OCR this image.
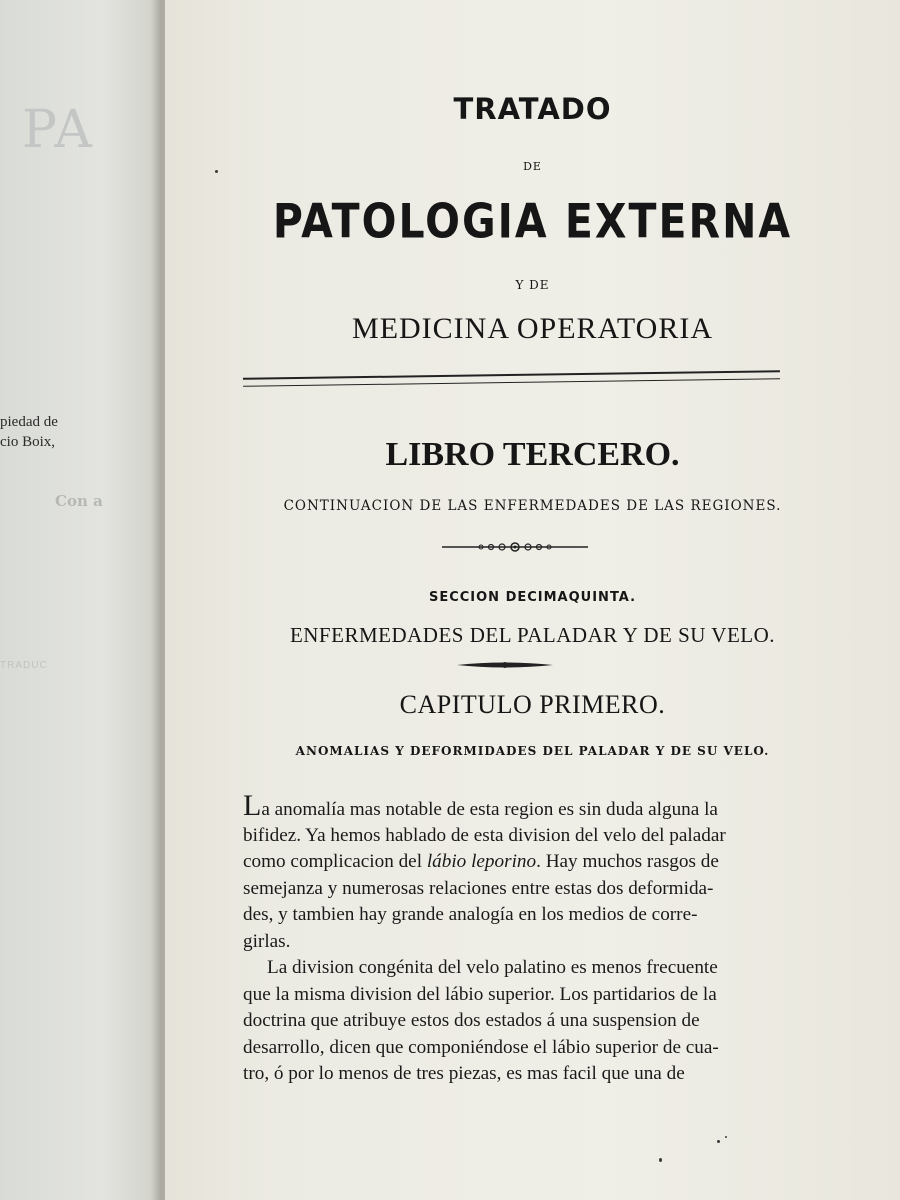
PA
piedad de
cio Boix,
Con a
TRADUC
TRATADO
DE
PATOLOGIA EXTERNA
Y DE
MEDICINA OPERATORIA
LIBRO TERCERO.
CONTINUACION DE LAS ENFERMEDADES DE LAS REGIONES.
SECCION DECIMAQUINTA.
ENFERMEDADES DEL PALADAR Y DE SU VELO.
CAPITULO PRIMERO.
ANOMALIAS Y DEFORMIDADES DEL PALADAR Y DE SU VELO.
La anomalía mas notable de esta region es sin duda alguna la
bifidez. Ya hemos hablado de esta division del velo del paladar
como complicacion del lábio leporino. Hay muchos rasgos de
semejanza y numerosas relaciones entre estas dos deformida-
des, y tambien hay grande analogía en los medios de corre-
girlas.
La division congénita del velo palatino es menos frecuente
que la misma division del lábio superior. Los partidarios de la
doctrina que atribuye estos dos estados á una suspension de
desarrollo, dicen que componiéndose el lábio superior de cua-
tro, ó por lo menos de tres piezas, es mas facil que una de
